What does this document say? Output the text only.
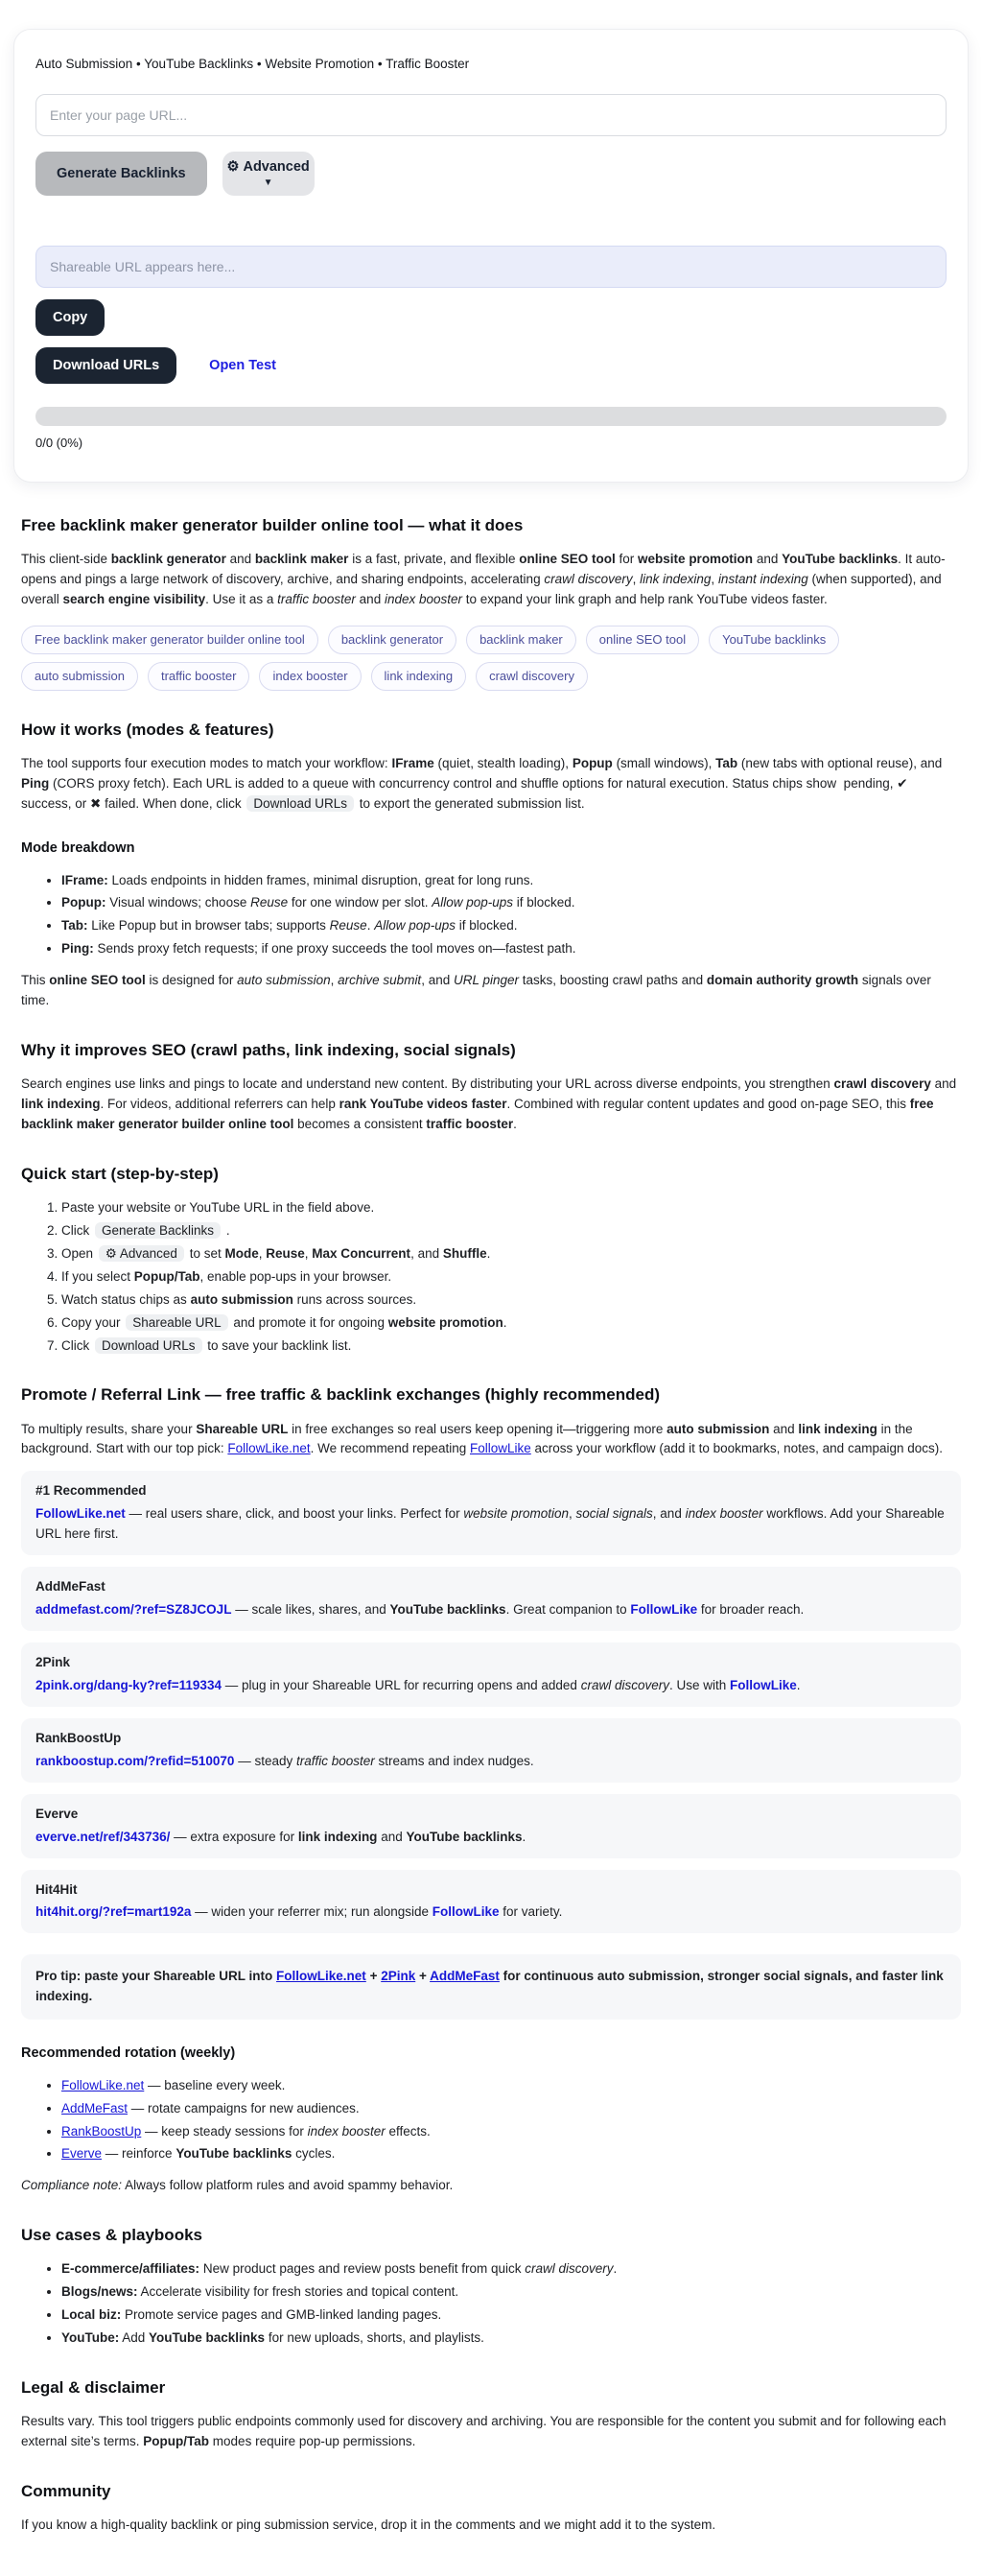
Auto Submission • YouTube Backlinks • Website Promotion • Traffic Booster
Enter your page URL...
Generate Backlinks	⚙ Advanced
▼
Shareable URL appears here...
Copy
Download URLs	Open Test
0/0 (0%)
Free backlink maker generator builder online tool — what it does

This client-side backlink generator and backlink maker is a fast, private, and flexible online SEO tool for website promotion and YouTube backlinks. It auto-opens and pings a large network of discovery, archive, and sharing endpoints, accelerating crawl discovery, link indexing, instant indexing (when supported), and overall search engine visibility. Use it as a traffic booster and index booster to expand your link graph and help rank YouTube videos faster.

Free backlink maker generator builder online tool	backlink generator	backlink maker	online SEO tool	YouTube backlinks
auto submission	traffic booster	index booster	link indexing	crawl discovery
How it works (modes & features)

The tool supports four execution modes to match your workflow: IFrame (quiet, stealth loading), Popup (small windows), Tab (new tabs with optional reuse), and Ping (CORS proxy fetch). Each URL is added to a queue with concurrency control and shuffle options for natural execution. Status chips show  pending, ✔ success, or ✖ failed. When done, click Download URLs to export the generated submission list.

Mode breakdown
• IFrame: Loads endpoints in hidden frames, minimal disruption, great for long runs.
• Popup: Visual windows; choose Reuse for one window per slot. Allow pop-ups if blocked.
• Tab: Like Popup but in browser tabs; supports Reuse. Allow pop-ups if blocked.
• Ping: Sends proxy fetch requests; if one proxy succeeds the tool moves on—fastest path.

This online SEO tool is designed for auto submission, archive submit, and URL pinger tasks, boosting crawl paths and domain authority growth signals over time.

Why it improves SEO (crawl paths, link indexing, social signals)

Search engines use links and pings to locate and understand new content. By distributing your URL across diverse endpoints, you strengthen crawl discovery and link indexing. For videos, additional referrers can help rank YouTube videos faster. Combined with regular content updates and good on-page SEO, this free backlink maker generator builder online tool becomes a consistent traffic booster.

Quick start (step-by-step)
1. Paste your website or YouTube URL in the field above.
2. Click Generate Backlinks .
3. Open ⚙ Advanced to set Mode, Reuse, Max Concurrent, and Shuffle.
4. If you select Popup/Tab, enable pop-ups in your browser.
5. Watch status chips as auto submission runs across sources.
6. Copy your Shareable URL and promote it for ongoing website promotion.
7. Click Download URLs to save your backlink list.
Promote / Referral Link — free traffic & backlink exchanges (highly recommended)

To multiply results, share your Shareable URL in free exchanges so real users keep opening it—triggering more auto submission and link indexing in the background. Start with our top pick: FollowLike.net. We recommend repeating FollowLike across your workflow (add it to bookmarks, notes, and campaign docs).

#1 Recommended
FollowLike.net — real users share, click, and boost your links. Perfect for website promotion, social signals, and index booster workflows. Add your Shareable URL here first.
AddMeFast
addmefast.com/?ref=SZ8JCOJL — scale likes, shares, and YouTube backlinks. Great companion to FollowLike for broader reach.
2Pink
2pink.org/dang-ky?ref=119334 — plug in your Shareable URL for recurring opens and added crawl discovery. Use with FollowLike.
RankBoostUp
rankboostup.com/?refid=510070 — steady traffic booster streams and index nudges.
Everve
everve.net/ref/343736/ — extra exposure for link indexing and YouTube backlinks.
Hit4Hit
hit4hit.org/?ref=mart192a — widen your referrer mix; run alongside FollowLike for variety.
Pro tip: paste your Shareable URL into FollowLike.net + 2Pink + AddMeFast for continuous auto submission, stronger social signals, and faster link indexing.
Recommended rotation (weekly)
• FollowLike.net — baseline every week.
• AddMeFast — rotate campaigns for new audiences.
• RankBoostUp — keep steady sessions for index booster effects.
• Everve — reinforce YouTube backlinks cycles.

Compliance note: Always follow platform rules and avoid spammy behavior.

Use cases & playbooks
• E-commerce/affiliates: New product pages and review posts benefit from quick crawl discovery.
• Blogs/news: Accelerate visibility for fresh stories and topical content.
• Local biz: Promote service pages and GMB-linked landing pages.
• YouTube: Add YouTube backlinks for new uploads, shorts, and playlists.
Legal & disclaimer

Results vary. This tool triggers public endpoints commonly used for discovery and archiving. You are responsible for the content you submit and for following each external site’s terms. Popup/Tab modes require pop-up permissions.

Community

If you know a high-quality backlink or ping submission service, drop it in the comments and we might add it to the system.
